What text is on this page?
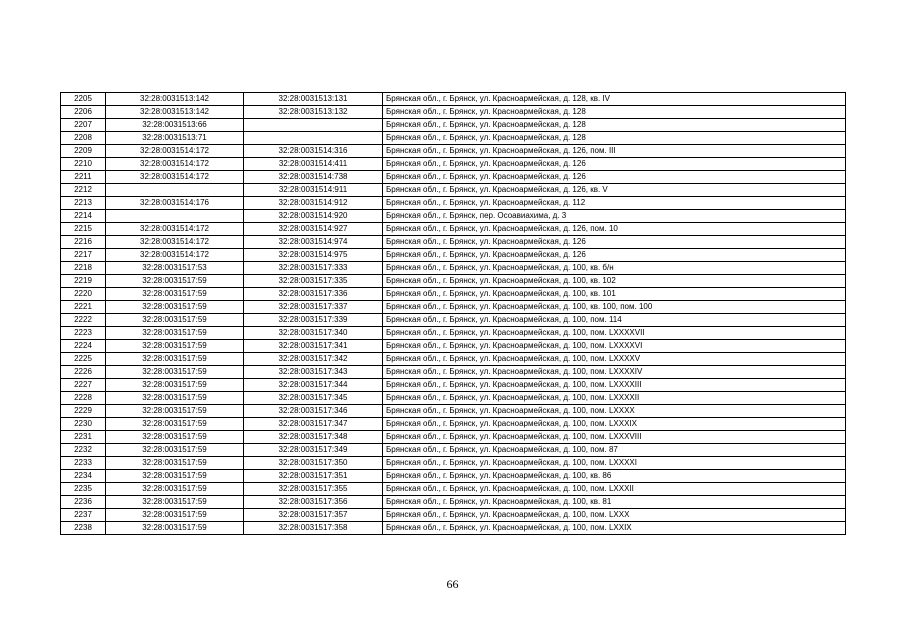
2205	32:28:0031513:142	32:28:0031513:131	Брянская обл., г. Брянск, ул. Красноармейская, д. 128, кв. IV
2206	32:28:0031513:142	32:28:0031513:132	Брянская обл., г. Брянск, ул. Красноармейская, д. 128
2207	32:28:0031513:66		Брянская обл., г. Брянск, ул. Красноармейская, д. 128
2208	32:28:0031513:71		Брянская обл., г. Брянск, ул. Красноармейская, д. 128
2209	32:28:0031514:172	32:28:0031514:316	Брянская обл., г. Брянск, ул. Красноармейская, д. 126, пом. III
2210	32:28:0031514:172	32:28:0031514:411	Брянская обл., г. Брянск, ул. Красноармейская, д. 126
2211	32:28:0031514:172	32:28:0031514:738	Брянская обл., г. Брянск, ул. Красноармейская, д. 126
2212		32:28:0031514:911	Брянская обл., г. Брянск, ул. Красноармейская, д. 126, кв. V
2213	32:28:0031514:176	32:28:0031514:912	Брянская обл., г. Брянск, ул. Красноармейская, д. 112
2214		32:28:0031514:920	Брянская обл., г. Брянск, пер. Осоавиахима, д. 3
2215	32:28:0031514:172	32:28:0031514:927	Брянская обл., г. Брянск, ул. Красноармейская, д. 126, пом. 10
2216	32:28:0031514:172	32:28:0031514:974	Брянская обл., г. Брянск, ул. Красноармейская, д. 126
2217	32:28:0031514:172	32:28:0031514:975	Брянская обл., г. Брянск, ул. Красноармейская, д. 126
2218	32:28:0031517:53	32:28:0031517:333	Брянская обл., г. Брянск, ул. Красноармейская, д. 100, кв. б/н
2219	32:28:0031517:59	32:28:0031517:335	Брянская обл., г. Брянск, ул. Красноармейская, д. 100, кв. 102
2220	32:28:0031517:59	32:28:0031517:336	Брянская обл., г. Брянск, ул. Красноармейская, д. 100, кв. 101
2221	32:28:0031517:59	32:28:0031517:337	Брянская обл., г. Брянск, ул. Красноармейская, д. 100, кв. 100, пом. 100
2222	32:28:0031517:59	32:28:0031517:339	Брянская обл., г. Брянск, ул. Красноармейская, д. 100, пом. 114
2223	32:28:0031517:59	32:28:0031517:340	Брянская обл., г. Брянск, ул. Красноармейская, д. 100, пом. LXXXXVII
2224	32:28:0031517:59	32:28:0031517:341	Брянская обл., г. Брянск, ул. Красноармейская, д. 100, пом. LXXXXVI
2225	32:28:0031517:59	32:28:0031517:342	Брянская обл., г. Брянск, ул. Красноармейская, д. 100, пом. LXXXXV
2226	32:28:0031517:59	32:28:0031517:343	Брянская обл., г. Брянск, ул. Красноармейская, д. 100, пом. LXXXXIV
2227	32:28:0031517:59	32:28:0031517:344	Брянская обл., г. Брянск, ул. Красноармейская, д. 100, пом. LXXXXIII
2228	32:28:0031517:59	32:28:0031517:345	Брянская обл., г. Брянск, ул. Красноармейская, д. 100, пом. LXXXXII
2229	32:28:0031517:59	32:28:0031517:346	Брянская обл., г. Брянск, ул. Красноармейская, д. 100, пом. LXXXX
2230	32:28:0031517:59	32:28:0031517:347	Брянская обл., г. Брянск, ул. Красноармейская, д. 100, пом. LXXXIX
2231	32:28:0031517:59	32:28:0031517:348	Брянская обл., г. Брянск, ул. Красноармейская, д. 100, пом. LXXXVIII
2232	32:28:0031517:59	32:28:0031517:349	Брянская обл., г. Брянск, ул. Красноармейская, д. 100, пом. 87
2233	32:28:0031517:59	32:28:0031517:350	Брянская обл., г. Брянск, ул. Красноармейская, д. 100, пом. LXXXXI
2234	32:28:0031517:59	32:28:0031517:351	Брянская обл., г. Брянск, ул. Красноармейская, д. 100, кв. 86
2235	32:28:0031517:59	32:28:0031517:355	Брянская обл., г. Брянск, ул. Красноармейская, д. 100, пом. LXXXII
2236	32:28:0031517:59	32:28:0031517:356	Брянская обл., г. Брянск, ул. Красноармейская, д. 100, кв. 81
2237	32:28:0031517:59	32:28:0031517:357	Брянская обл., г. Брянск, ул. Красноармейская, д. 100, пом. LXXX
2238	32:28:0031517:59	32:28:0031517:358	Брянская обл., г. Брянск, ул. Красноармейская, д. 100, пом. LXXIX
66
